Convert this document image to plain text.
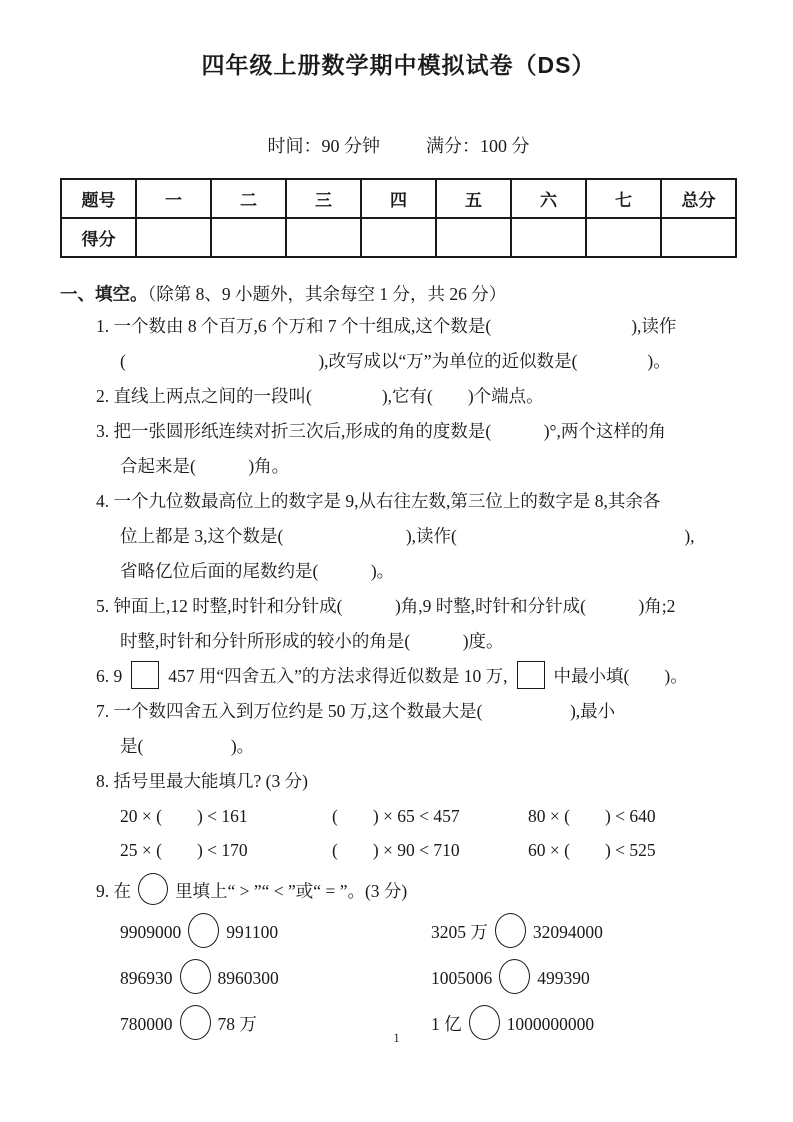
四年级上册数学期中模拟试卷（DS）
时间：90 分钟	满分：100 分
题号	一	二	三	四	五	六	七	总分
得分								
一、填空。（除第 8、9 小题外，其余每空 1 分，共 26 分）
1. 一个数由 8 个百万,6 个万和 7 个十组成,这个数是(　　　　　　　　),读作
(　　　　　　　　　　　),改写成以“万”为单位的近似数是(　　　　)。
2. 直线上两点之间的一段叫(　　　　),它有(　　)个端点。
3. 把一张圆形纸连续对折三次后,形成的角的度数是(　　　)°,两个这样的角
合起来是(　　　)角。
4. 一个九位数最高位上的数字是 9,从右往左数,第三位上的数字是 8,其余各
位上都是 3,这个数是(　　　　　　　),读作(　　　　　　　　　　　　　),
省略亿位后面的尾数约是(　　　)。
5. 钟面上,12 时整,时针和分针成(　　　)角,9 时整,时针和分针成(　　　)角;2
时整,时针和分针所形成的较小的角是(　　　)度。
6. 9	457 用“四舍五入”的方法求得近似数是 10 万,	中最小填(　　)。
7. 一个数四舍五入到万位约是 50 万,这个数最大是(　　　　　),最小
是(　　　　　)。
8. 括号里最大能填几? (3 分)
20 × (　　) < 161	(　　) × 65 < 457	80 × (　　) < 640
25 × (　　) < 170	(　　) × 90 < 710	60 × (　　) < 525
9. 在	里填上“ > ”“ < ”或“ = ”。(3 分)
9909000	991100	3205 万	32094000
896930	8960300	1005006	499390
780000	78 万	1 亿	1000000000
1
